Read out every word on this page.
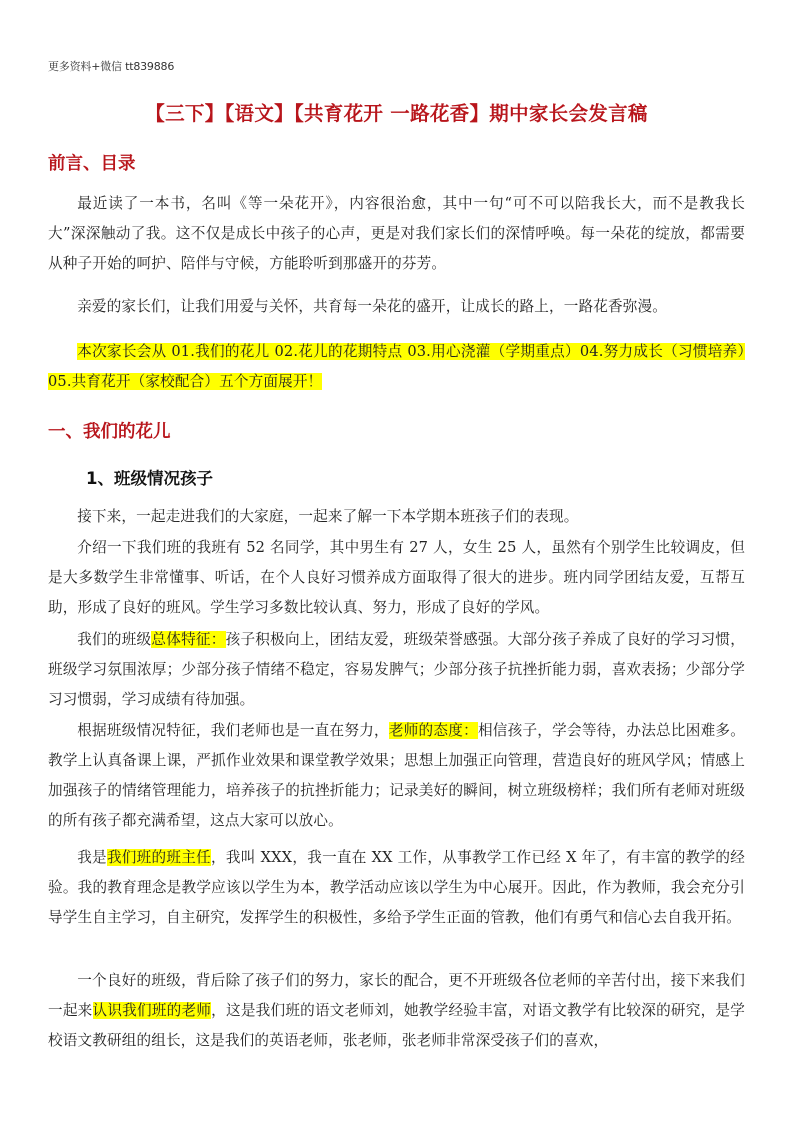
更多资料+微信 tt839886
【三下】【语文】【共育花开 一路花香】期中家长会发言稿
前言、目录

最近读了一本书，名叫《等一朵花开》，内容很治愈，其中一句“可不可以陪我长大，而不是教我长大”深深触动了我。这不仅是成长中孩子的心声，更是对我们家长们的深情呼唤。每一朵花的绽放，都需要从种子开始的呵护、陪伴与守候，方能聆听到那盛开的芬芳。

亲爱的家长们，让我们用爱与关怀，共育每一朵花的盛开，让成长的路上，一路花香弥漫。

本次家长会从 01.我们的花儿 02.花儿的花期特点 03.用心浇灌（学期重点）04.努力成长（习惯培养）05.共育花开（家校配合）五个方面展开！

一、我们的花儿
1、班级情况孩子

接下来，一起走进我们的大家庭，一起来了解一下本学期本班孩子们的表现。

介绍一下我们班的我班有 52 名同学，其中男生有 27 人，女生 25 人，虽然有个别学生比较调皮，但是大多数学生非常懂事、听话，在个人良好习惯养成方面取得了很大的进步。班内同学团结友爱，互帮互助，形成了良好的班风。学生学习多数比较认真、努力，形成了良好的学风。

我们的班级总体特征：孩子积极向上，团结友爱，班级荣誉感强。大部分孩子养成了良好的学习习惯，班级学习氛围浓厚；少部分孩子情绪不稳定，容易发脾气；少部分孩子抗挫折能力弱，喜欢表扬；少部分学习习惯弱，学习成绩有待加强。

根据班级情况特征，我们老师也是一直在努力，老师的态度：相信孩子，学会等待，办法总比困难多。教学上认真备课上课，严抓作业效果和课堂教学效果；思想上加强正向管理，营造良好的班风学风；情感上加强孩子的情绪管理能力，培养孩子的抗挫折能力；记录美好的瞬间，树立班级榜样；我们所有老师对班级的所有孩子都充满希望，这点大家可以放心。

我是我们班的班主任，我叫 XXX，我一直在 XX 工作，从事教学工作已经 X 年了，有丰富的教学的经验。我的教育理念是教学应该以学生为本，教学活动应该以学生为中心展开。因此，作为教师，我会充分引导学生自主学习，自主研究，发挥学生的积极性，多给予学生正面的管教，他们有勇气和信心去自我开拓。

一个良好的班级，背后除了孩子们的努力，家长的配合，更不开班级各位老师的辛苦付出，接下来我们一起来认识我们班的老师，这是我们班的语文老师刘，她教学经验丰富，对语文教学有比较深的研究，是学校语文教研组的组长，这是我们的英语老师，张老师，张老师非常深受孩子们的喜欢，
